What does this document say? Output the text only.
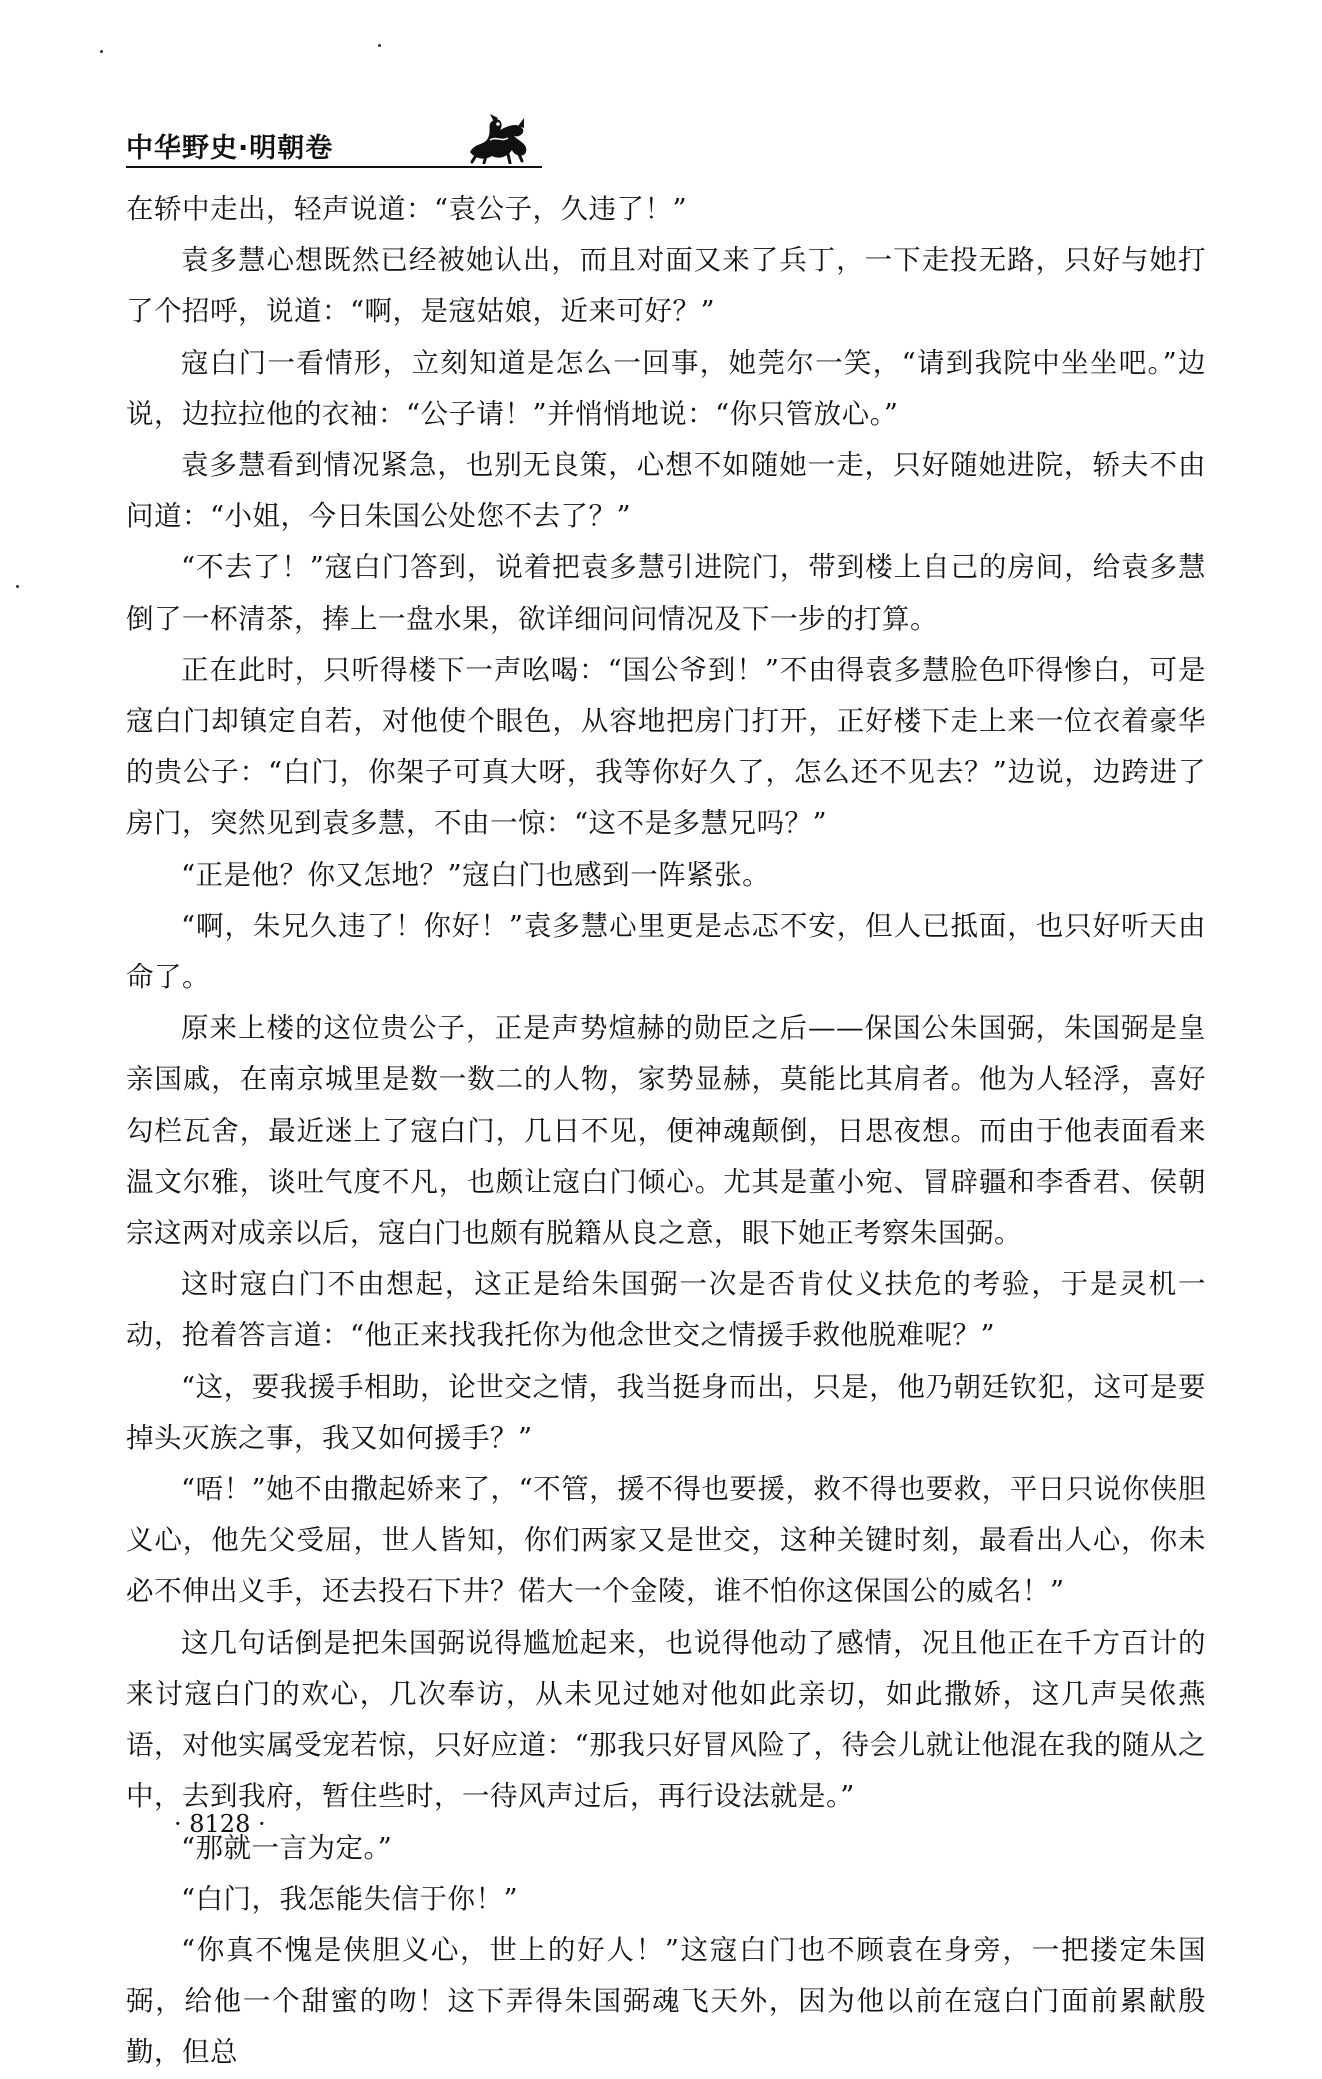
中华野史·明朝卷

在轿中走出，轻声说道：“袁公子，久违了！”

袁多慧心想既然已经被她认出，而且对面又来了兵丁，一下走投无路，只好与她打了个招呼，说道：“啊，是寇姑娘，近来可好？”

寇白门一看情形，立刻知道是怎么一回事，她莞尔一笑，“请到我院中坐坐吧。”边说，边拉拉他的衣袖：“公子请！”并悄悄地说：“你只管放心。”

袁多慧看到情况紧急，也别无良策，心想不如随她一走，只好随她进院，轿夫不由问道：“小姐，今日朱国公处您不去了？”

“不去了！”寇白门答到，说着把袁多慧引进院门，带到楼上自己的房间，给袁多慧倒了一杯清茶，捧上一盘水果，欲详细问问情况及下一步的打算。

正在此时，只听得楼下一声吆喝：“国公爷到！”不由得袁多慧脸色吓得惨白，可是寇白门却镇定自若，对他使个眼色，从容地把房门打开，正好楼下走上来一位衣着豪华的贵公子：“白门，你架子可真大呀，我等你好久了，怎么还不见去？”边说，边跨进了房门，突然见到袁多慧，不由一惊：“这不是多慧兄吗？”

“正是他？你又怎地？”寇白门也感到一阵紧张。

“啊，朱兄久违了！你好！”袁多慧心里更是忐忑不安，但人已抵面，也只好听天由命了。

原来上楼的这位贵公子，正是声势煊赫的勋臣之后——保国公朱国弼，朱国弼是皇亲国戚，在南京城里是数一数二的人物，家势显赫，莫能比其肩者。他为人轻浮，喜好勾栏瓦舍，最近迷上了寇白门，几日不见，便神魂颠倒，日思夜想。而由于他表面看来温文尔雅，谈吐气度不凡，也颇让寇白门倾心。尤其是董小宛、冒辟疆和李香君、侯朝宗这两对成亲以后，寇白门也颇有脱籍从良之意，眼下她正考察朱国弼。

这时寇白门不由想起，这正是给朱国弼一次是否肯仗义扶危的考验，于是灵机一动，抢着答言道：“他正来找我托你为他念世交之情援手救他脱难呢？”

“这，要我援手相助，论世交之情，我当挺身而出，只是，他乃朝廷钦犯，这可是要掉头灭族之事，我又如何援手？”

“唔！”她不由撒起娇来了，“不管，援不得也要援，救不得也要救，平日只说你侠胆义心，他先父受屈，世人皆知，你们两家又是世交，这种关键时刻，最看出人心，你未必不伸出义手，还去投石下井？偌大一个金陵，谁不怕你这保国公的威名！”

这几句话倒是把朱国弼说得尴尬起来，也说得他动了感情，况且他正在千方百计的来讨寇白门的欢心，几次奉访，从未见过她对他如此亲切，如此撒娇，这几声吴侬燕语，对他实属受宠若惊，只好应道：“那我只好冒风险了，待会儿就让他混在我的随从之中，去到我府，暂住些时，一待风声过后，再行设法就是。”

“那就一言为定。”

“白门，我怎能失信于你！”

“你真不愧是侠胆义心，世上的好人！”这寇白门也不顾袁在身旁，一把搂定朱国弼，给他一个甜蜜的吻！这下弄得朱国弼魂飞天外，因为他以前在寇白门面前累献殷勤，但总

· 8128 ·
